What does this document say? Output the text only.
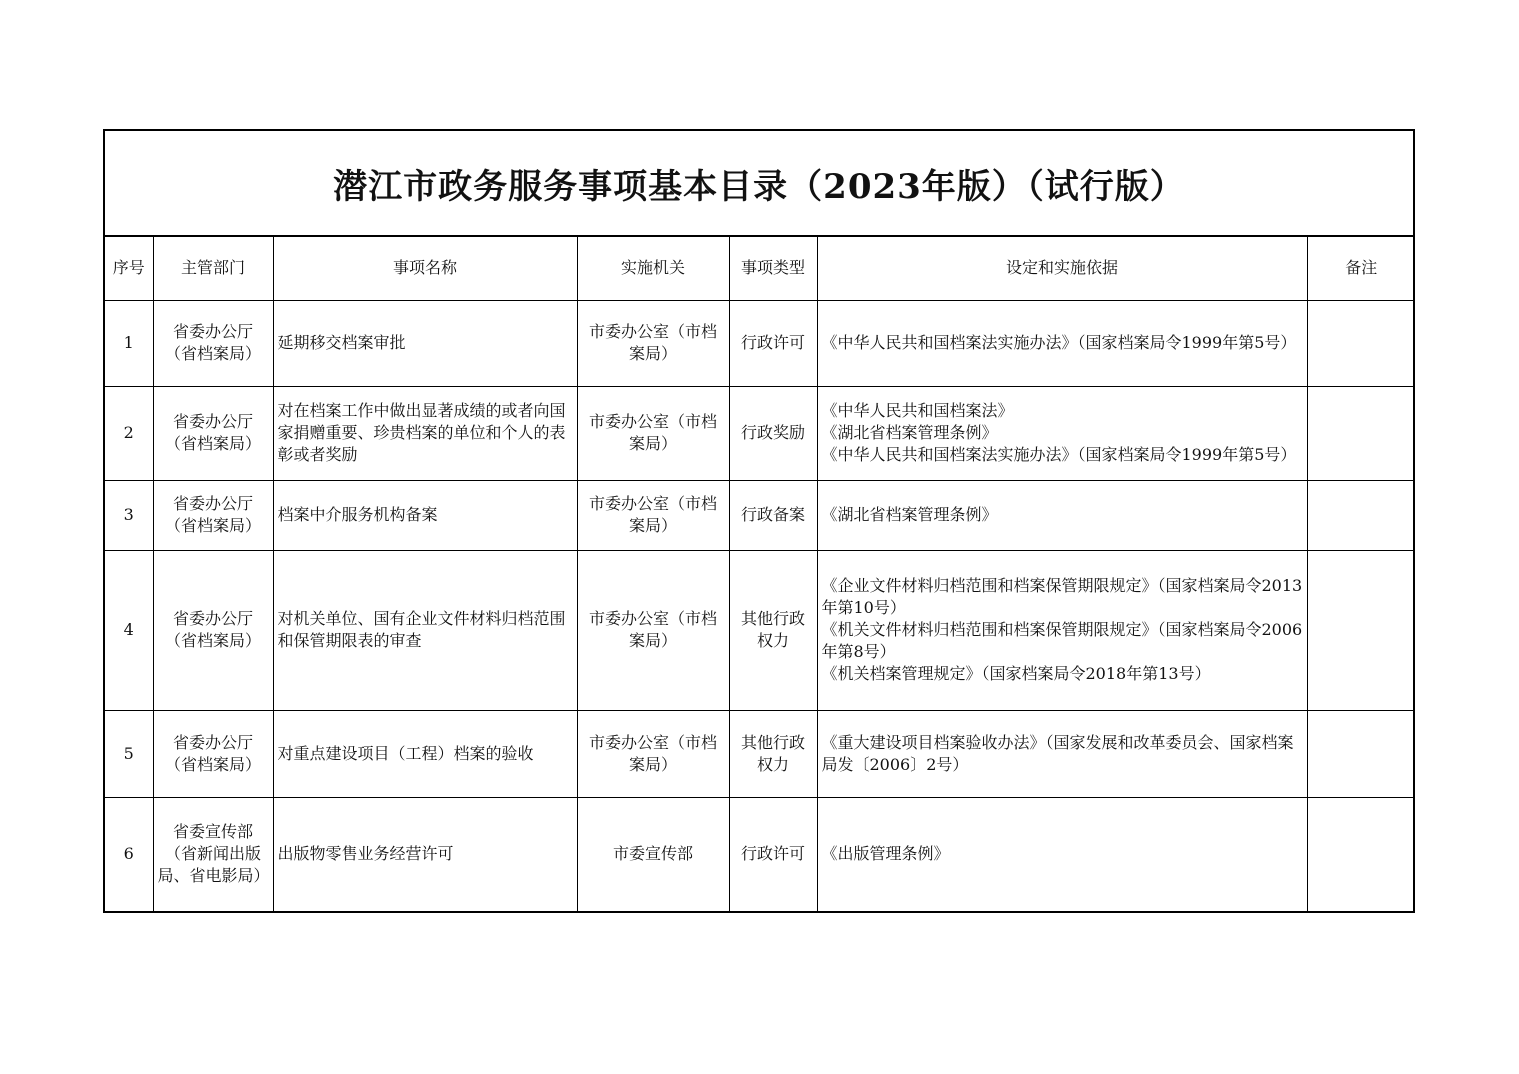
潜江市政务服务事项基本目录（2023年版）（试行版）
序号	主管部门	事项名称	实施机关	事项类型	设定和实施依据	备注
1	省委办公厅（省档案局）	延期移交档案审批	市委办公室（市档案局）	行政许可	《中华人民共和国档案法实施办法》（国家档案局令1999年第5号）	

2	省委办公厅（省档案局）	对在档案工作中做出显著成绩的或者向国家捐赠重要、珍贵档案的单位和个人的表彰或者奖励	市委办公室（市档案局）	行政奖励	《中华人民共和国档案法》
《湖北省档案管理条例》
《中华人民共和国档案法实施办法》（国家档案局令1999年第5号）	

3	省委办公厅（省档案局）	档案中介服务机构备案	市委办公室（市档案局）	行政备案	《湖北省档案管理条例》	

4	省委办公厅（省档案局）	对机关单位、国有企业文件材料归档范围和保管期限表的审查	市委办公室（市档案局）	其他行政权力	《企业文件材料归档范围和档案保管期限规定》（国家档案局令2013年第10号）
《机关文件材料归档范围和档案保管期限规定》（国家档案局令2006年第8号）
《机关档案管理规定》（国家档案局令2018年第13号）	

5	省委办公厅（省档案局）	对重点建设项目（工程）档案的验收	市委办公室（市档案局）	其他行政权力	《重大建设项目档案验收办法》（国家发展和改革委员会、国家档案局发〔2006〕2号）	

6	省委宣传部（省新闻出版局、省电影局）	出版物零售业务经营许可	市委宣传部	行政许可	《出版管理条例》	
